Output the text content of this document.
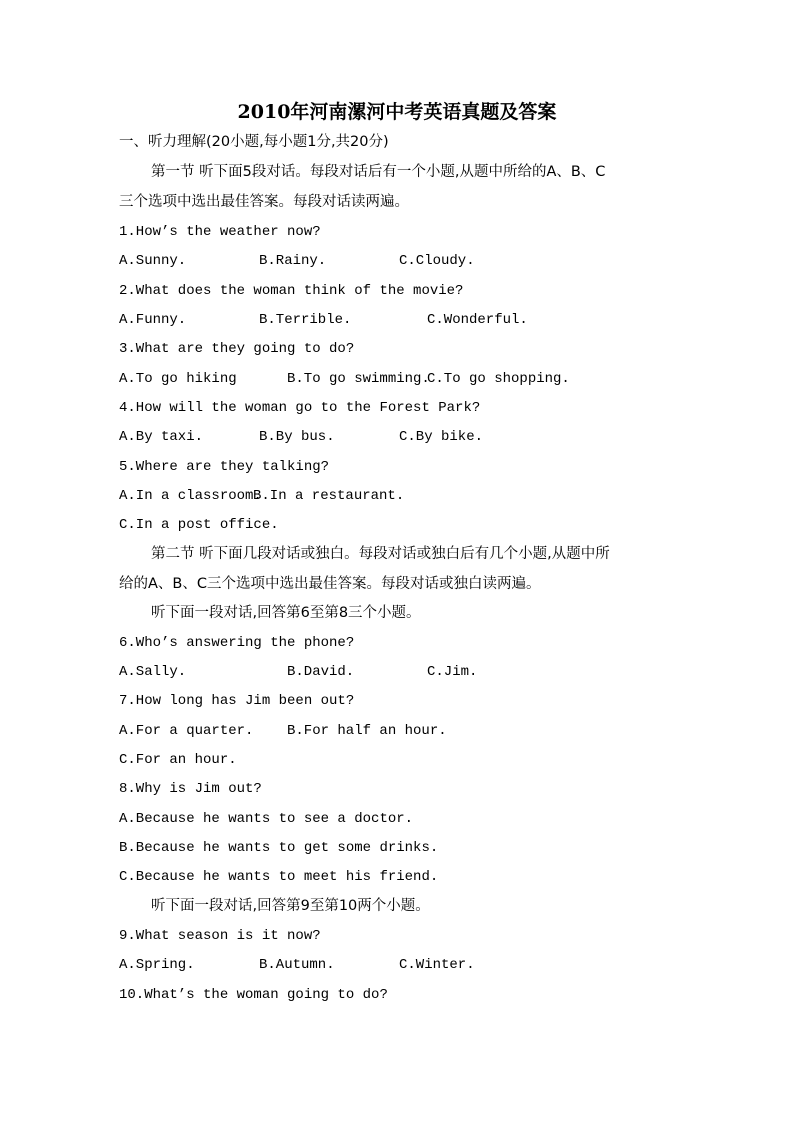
2010年河南漯河中考英语真题及答案
一、听力理解(20小题,每小题1分,共20分)
第一节 听下面5段对话。每段对话后有一个小题,从题中所给的A、B、C
三个选项中选出最佳答案。每段对话读两遍。
1.How’s the weather now?
A.Sunny.	B.Rainy.	C.Cloudy.
2.What does the woman think of the movie?
A.Funny.	B.Terrible.	C.Wonderful.
3.What are they going to do?
A.To go hiking	B.To go swimming.
C.To go shopping.
4.How will the woman go to the Forest Park?
A.By taxi.	B.By bus.	C.By bike.
5.Where are they talking?
A.In a classroom.
B.In a restaurant.
C.In a post office.
第二节 听下面几段对话或独白。每段对话或独白后有几个小题,从题中所
给的A、B、C三个选项中选出最佳答案。每段对话或独白读两遍。
听下面一段对话,回答第6至第8三个小题。
6.Who’s answering the phone?
A.Sally.	B.David.	C.Jim.
7.How long has Jim been out?
A.For a quarter. B.For half an hour.
C.For an hour.
8.Why is Jim out?
A.Because he wants to see a doctor.
B.Because he wants to get some drinks.
C.Because he wants to meet his friend.
听下面一段对话,回答第9至第10两个小题。
9.What season is it now?
A.Spring.	B.Autumn.	C.Winter.
10.What’s the woman going to do?
